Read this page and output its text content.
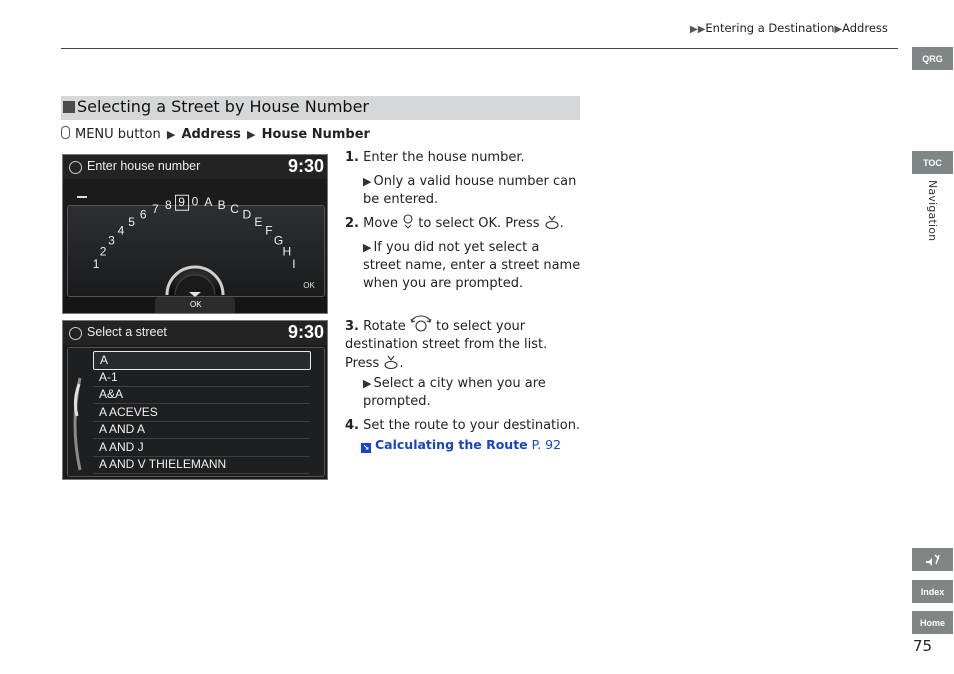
▶▶Entering a Destination▶Address
QRG
TOC
Navigation
Index
Home
75
Selecting a Street by House Number
MENU button ▶ Address ▶ House Number
Enter house number	9:30
1
2
3
4
5
6 7 8 9 0 A B C D
E
F
G
H
I
OK
OK
Select a street	9:30
A
A-1
A&A
A ACEVES
A AND A
A AND J
A AND V THIELEMANN
1. Enter the house number.
▶ Only a valid house number can be entered.
2. Move to select OK. Press .
▶ If you did not yet select a street name, enter a street name when you are prompted.
3. Rotate to select your destination street from the list. Press .
▶ Select a city when you are prompted.
4. Set the route to your destination.
↘ Calculating the Route P. 92
